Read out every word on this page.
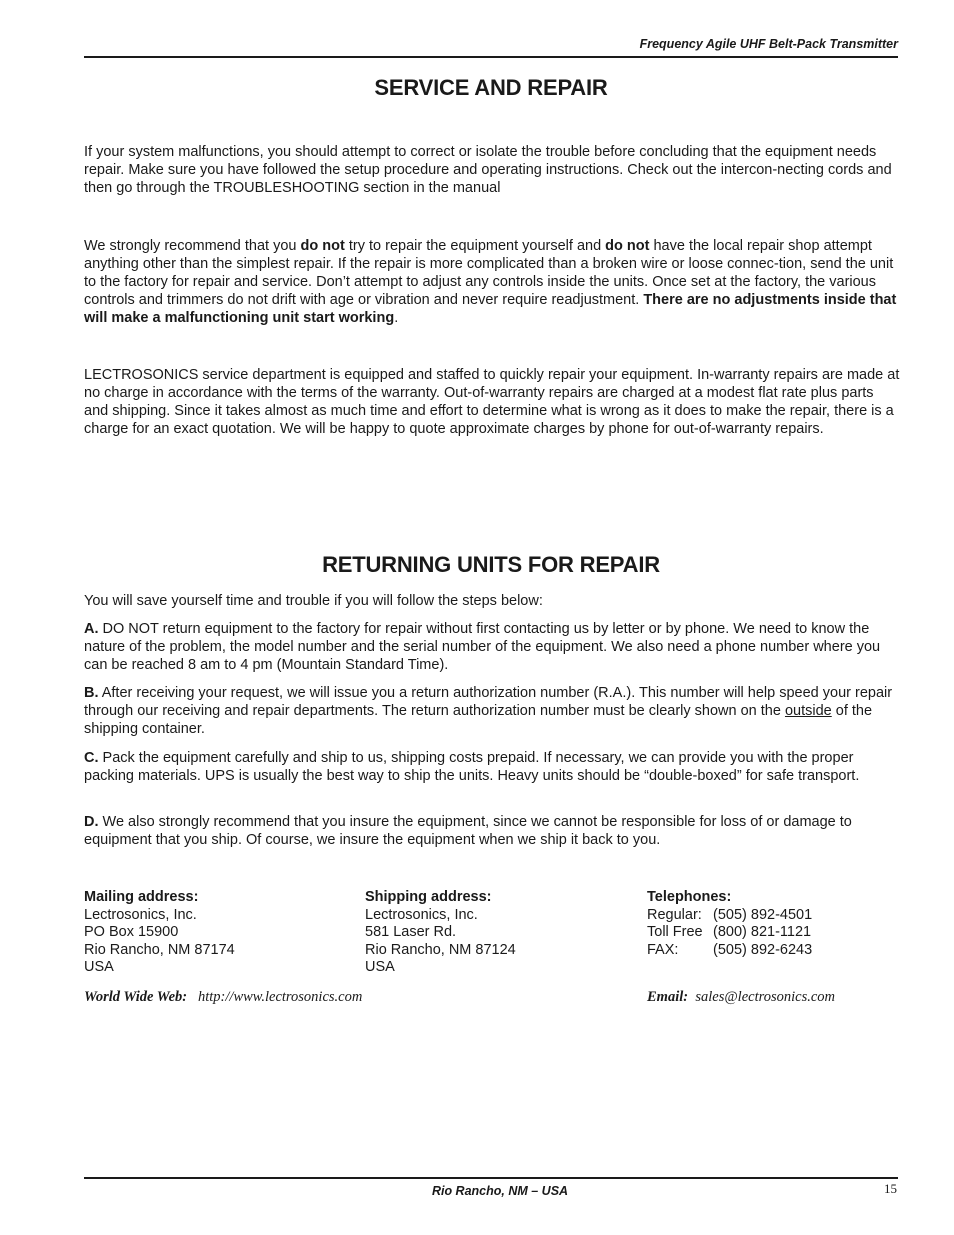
Frequency Agile UHF Belt-Pack Transmitter
SERVICE AND REPAIR

If your system malfunctions, you should attempt to correct or isolate the trouble before concluding that the equipment needs repair. Make sure you have followed the setup procedure and operating instructions. Check out the intercon-necting cords and then go through the TROUBLESHOOTING section in the manual

We strongly recommend that you do not try to repair the equipment yourself and do not have the local repair shop attempt anything other than the simplest repair. If the repair is more complicated than a broken wire or loose connec-tion, send the unit to the factory for repair and service. Don’t attempt to adjust any controls inside the units. Once set at the factory, the various controls and trimmers do not drift with age or vibration and never require readjustment. There are no adjustments inside that will make a malfunctioning unit start working.

LECTROSONICS service department is equipped and staffed to quickly repair your equipment. In-warranty repairs are made at no charge in accordance with the terms of the warranty. Out-of-warranty repairs are charged at a modest flat rate plus parts and shipping. Since it takes almost as much time and effort to determine what is wrong as it does to make the repair, there is a charge for an exact quotation. We will be happy to quote approximate charges by phone for out-of-warranty repairs.

RETURNING UNITS FOR REPAIR

You will save yourself time and trouble if you will follow the steps below:

A. DO NOT return equipment to the factory for repair without first contacting us by letter or by phone. We need to know the nature of the problem, the model number and the serial number of the equipment. We also need a phone number where you can be reached 8 am to 4 pm (Mountain Standard Time).

B. After receiving your request, we will issue you a return authorization number (R.A.). This number will help speed your repair through our receiving and repair departments. The return authorization number must be clearly shown on the outside of the shipping container.

C. Pack the equipment carefully and ship to us, shipping costs prepaid. If necessary, we can provide you with the proper packing materials. UPS is usually the best way to ship the units. Heavy units should be “double-boxed” for safe transport.

D. We also strongly recommend that you insure the equipment, since we cannot be responsible for loss of or damage to equipment that you ship. Of course, we insure the equipment when we ship it back to you.

Mailing address:
Lectrosonics, Inc.
PO Box 15900
Rio Rancho, NM 87174
USA
Shipping address:
Lectrosonics, Inc.
581 Laser Rd.
Rio Rancho, NM 87124
USA
Telephones:
Regular: (505) 892-4501
Toll Free (800) 821-1121
FAX: (505) 892-6243
World Wide Web: http://www.lectrosonics.com	Email: sales@lectrosonics.com
Rio Rancho, NM – USA	15
